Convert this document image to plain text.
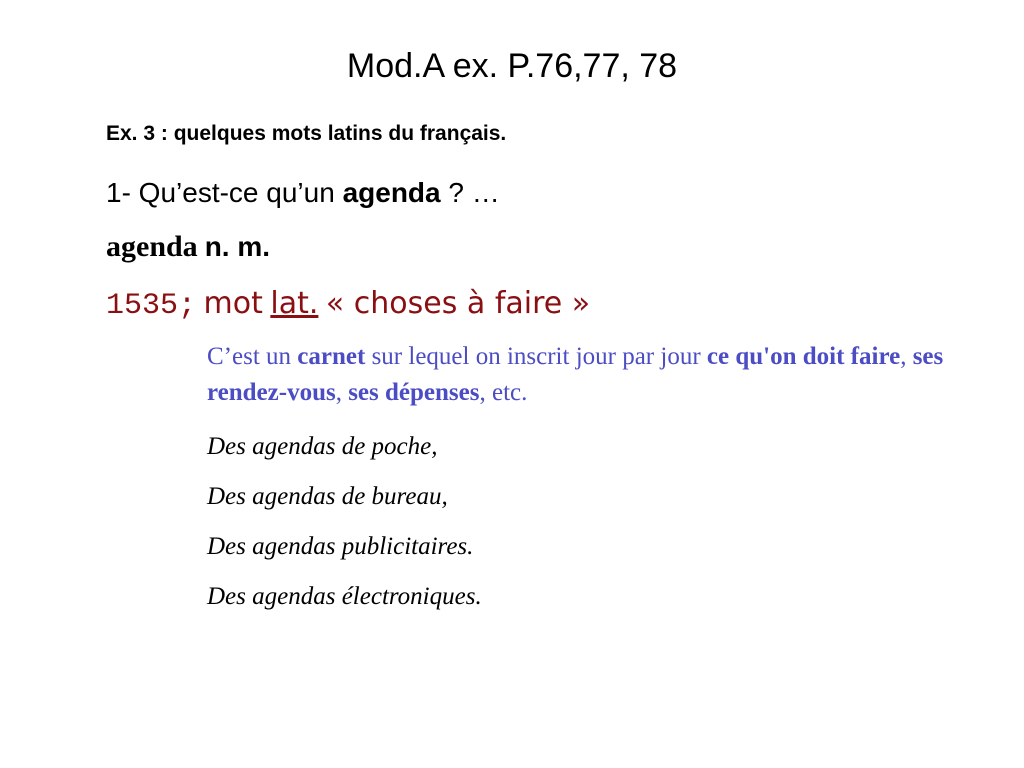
Mod.A ex. P.76,77, 78
Ex. 3 : quelques mots latins du français.
1- Qu’est-ce qu’un agenda ? …
agenda n. m.
1535; mot lat. « choses à faire »
C’est un carnet sur lequel on inscrit jour par jour ce qu'on doit faire, ses rendez-vous, ses dépenses, etc.
Des agendas de poche,
Des agendas de bureau,
Des agendas publicitaires.
Des agendas électroniques.
